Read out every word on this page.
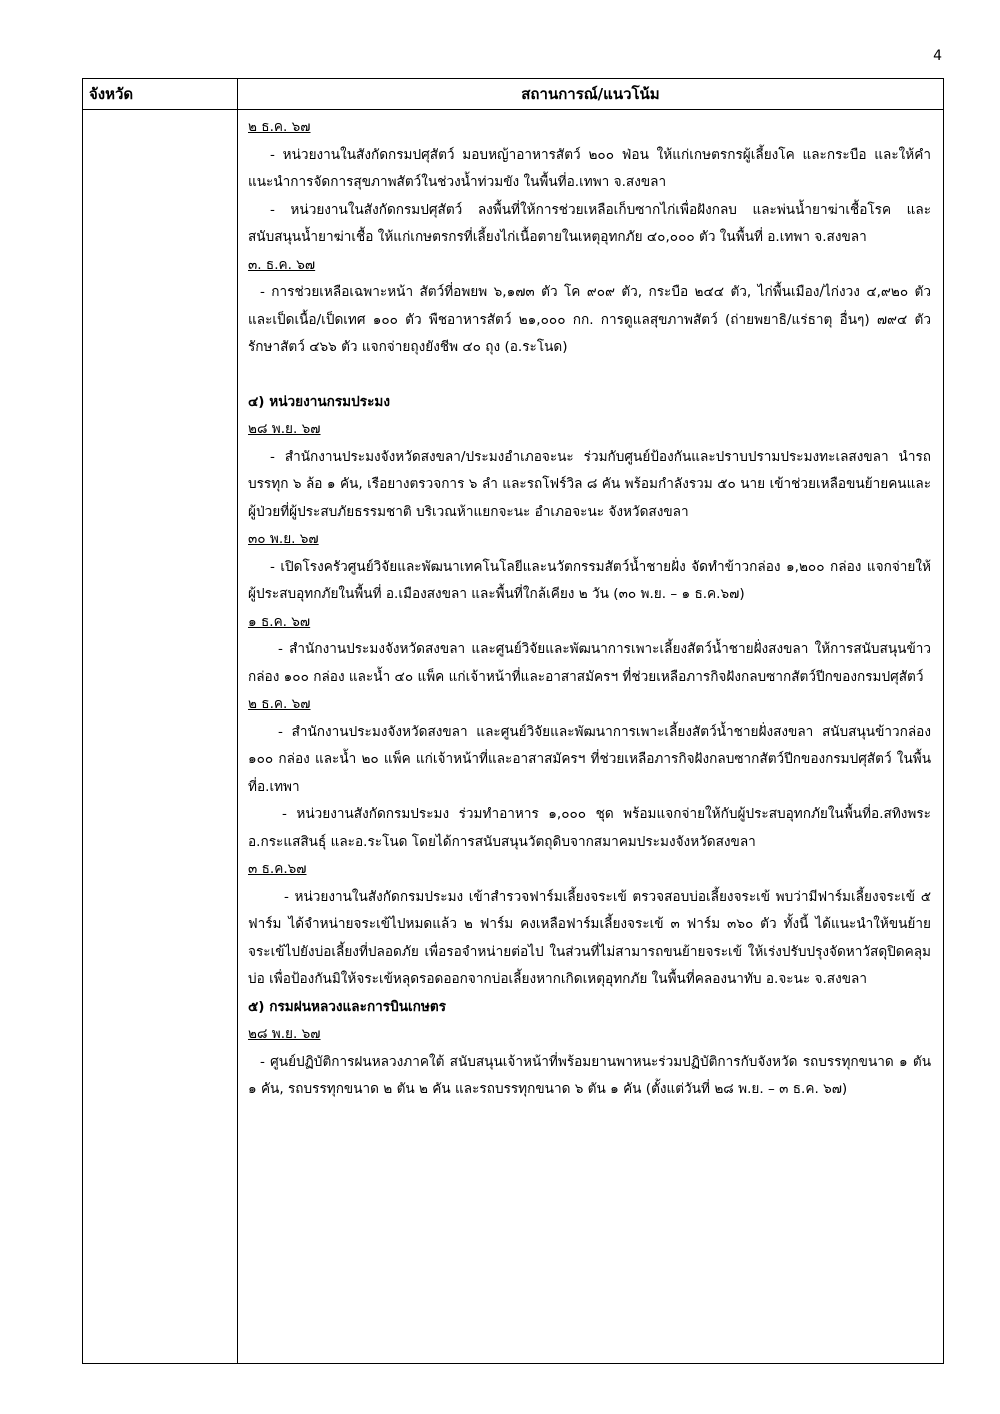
4
จังหวัด	สถานการณ์/แนวโน้ม
๒ ธ.ค. ๖๗
- หน่วยงานในสังกัดกรมปศุสัตว์ มอบหญ้าอาหารสัตว์ ๒๐๐ ฟ่อน ให้แก่เกษตรกรผู้เลี้ยงโค และกระบือ และให้คำแนะนำการจัดการสุขภาพสัตว์ในช่วงน้ำท่วมขัง ในพื้นที่อ.เทพา จ.สงขลา
- หน่วยงานในสังกัดกรมปศุสัตว์ ลงพื้นที่ให้การช่วยเหลือเก็บซากไก่เพื่อฝังกลบ และพ่นน้ำยาฆ่าเชื้อโรค และสนับสนุนน้ำยาฆ่าเชื้อ ให้แก่เกษตรกรที่เลี้ยงไก่เนื้อตายในเหตุอุทกภัย ๔๐,๐๐๐ ตัว ในพื้นที่ อ.เทพา จ.สงขลา
๓. ธ.ค. ๖๗
- การช่วยเหลือเฉพาะหน้า สัตว์ที่อพยพ ๖,๑๗๓ ตัว โค ๙๐๙ ตัว, กระบือ ๒๔๔ ตัว, ไก่พื้นเมือง/ไก่งวง ๔,๙๒๐ ตัว และเป็ดเนื้อ/เป็ดเทศ ๑๐๐ ตัว พืชอาหารสัตว์ ๒๑,๐๐๐ กก. การดูแลสุขภาพสัตว์ (ถ่ายพยาธิ/แร่ธาตุ อื่นๆ) ๗๙๔ ตัว รักษาสัตว์ ๔๖๖ ตัว แจกจ่ายถุงยังชีพ ๔๐ ถุง (อ.ระโนด)
๔) หน่วยงานกรมประมง
๒๘ พ.ย. ๖๗
- สำนักงานประมงจังหวัดสงขลา/ประมงอำเภอจะนะ ร่วมกับศูนย์ป้องกันและปราบปรามประมงทะเลสงขลา นำรถบรรทุก ๖ ล้อ ๑ คัน, เรือยางตรวจการ ๖ ลำ และรถโฟร์วิล ๘ คัน พร้อมกำลังรวม ๕๐ นาย เข้าช่วยเหลือขนย้ายคนและผู้ป่วยที่ผู้ประสบภัยธรรมชาติ บริเวณห้าแยกจะนะ อำเภอจะนะ จังหวัดสงขลา
๓๐ พ.ย. ๖๗
- เปิดโรงครัวศูนย์วิจัยและพัฒนาเทคโนโลยีและนวัตกรรมสัตว์น้ำชายฝั่ง จัดทำข้าวกล่อง ๑,๒๐๐ กล่อง แจกจ่ายให้ผู้ประสบอุทกภัยในพื้นที่ อ.เมืองสงขลา และพื้นที่ใกล้เคียง ๒ วัน (๓๐ พ.ย. – ๑ ธ.ค.๖๗)
๑ ธ.ค. ๖๗
- สำนักงานประมงจังหวัดสงขลา และศูนย์วิจัยและพัฒนาการเพาะเลี้ยงสัตว์น้ำชายฝั่งสงขลา ให้การสนับสนุนข้าวกล่อง ๑๐๐ กล่อง และน้ำ ๔๐ แพ็ค แก่เจ้าหน้าที่และอาสาสมัครฯ ที่ช่วยเหลือภารกิจฝังกลบซากสัตว์ปีกของกรมปศุสัตว์
๒ ธ.ค. ๖๗
- สำนักงานประมงจังหวัดสงขลา และศูนย์วิจัยและพัฒนาการเพาะเลี้ยงสัตว์น้ำชายฝั่งสงขลา สนับสนุนข้าวกล่อง ๑๐๐ กล่อง และน้ำ ๒๐ แพ็ค แก่เจ้าหน้าที่และอาสาสมัครฯ ที่ช่วยเหลือภารกิจฝังกลบซากสัตว์ปีกของกรมปศุสัตว์ ในพื้นที่อ.เทพา
- หน่วยงานสังกัดกรมประมง ร่วมทำอาหาร ๑,๐๐๐ ชุด พร้อมแจกจ่ายให้กับผู้ประสบอุทกภัยในพื้นที่อ.สทิงพระ อ.กระแสสินธุ์ และอ.ระโนด โดยได้การสนับสนุนวัตถุดิบจากสมาคมประมงจังหวัดสงขลา
๓ ธ.ค.๖๗
- หน่วยงานในสังกัดกรมประมง เข้าสำรวจฟาร์มเลี้ยงจระเข้ ตรวจสอบบ่อเลี้ยงจระเข้ พบว่ามีฟาร์มเลี้ยงจระเข้ ๕ ฟาร์ม ได้จำหน่ายจระเข้ไปหมดแล้ว ๒ ฟาร์ม คงเหลือฟาร์มเลี้ยงจระเข้ ๓ ฟาร์ม ๓๖๐ ตัว ทั้งนี้ ได้แนะนำให้ขนย้ายจระเข้ไปยังบ่อเลี้ยงที่ปลอดภัย เพื่อรอจำหน่ายต่อไป ในส่วนที่ไม่สามารถขนย้ายจระเข้ ให้เร่งปรับปรุงจัดหาวัสดุปิดคลุมบ่อ เพื่อป้องกันมิให้จระเข้หลุดรอดออกจากบ่อเลี้ยงหากเกิดเหตุอุทกภัย ในพื้นที่คลองนาทับ อ.จะนะ จ.สงขลา
๕) กรมฝนหลวงและการบินเกษตร
๒๘ พ.ย. ๖๗
- ศูนย์ปฏิบัติการฝนหลวงภาคใต้ สนับสนุนเจ้าหน้าที่พร้อมยานพาหนะร่วมปฏิบัติการกับจังหวัด รถบรรทุกขนาด ๑ ตัน ๑ คัน, รถบรรทุกขนาด ๒ ตัน ๒ คัน และรถบรรทุกขนาด ๖ ตัน ๑ คัน (ตั้งแต่วันที่ ๒๘ พ.ย. – ๓ ธ.ค. ๖๗)
